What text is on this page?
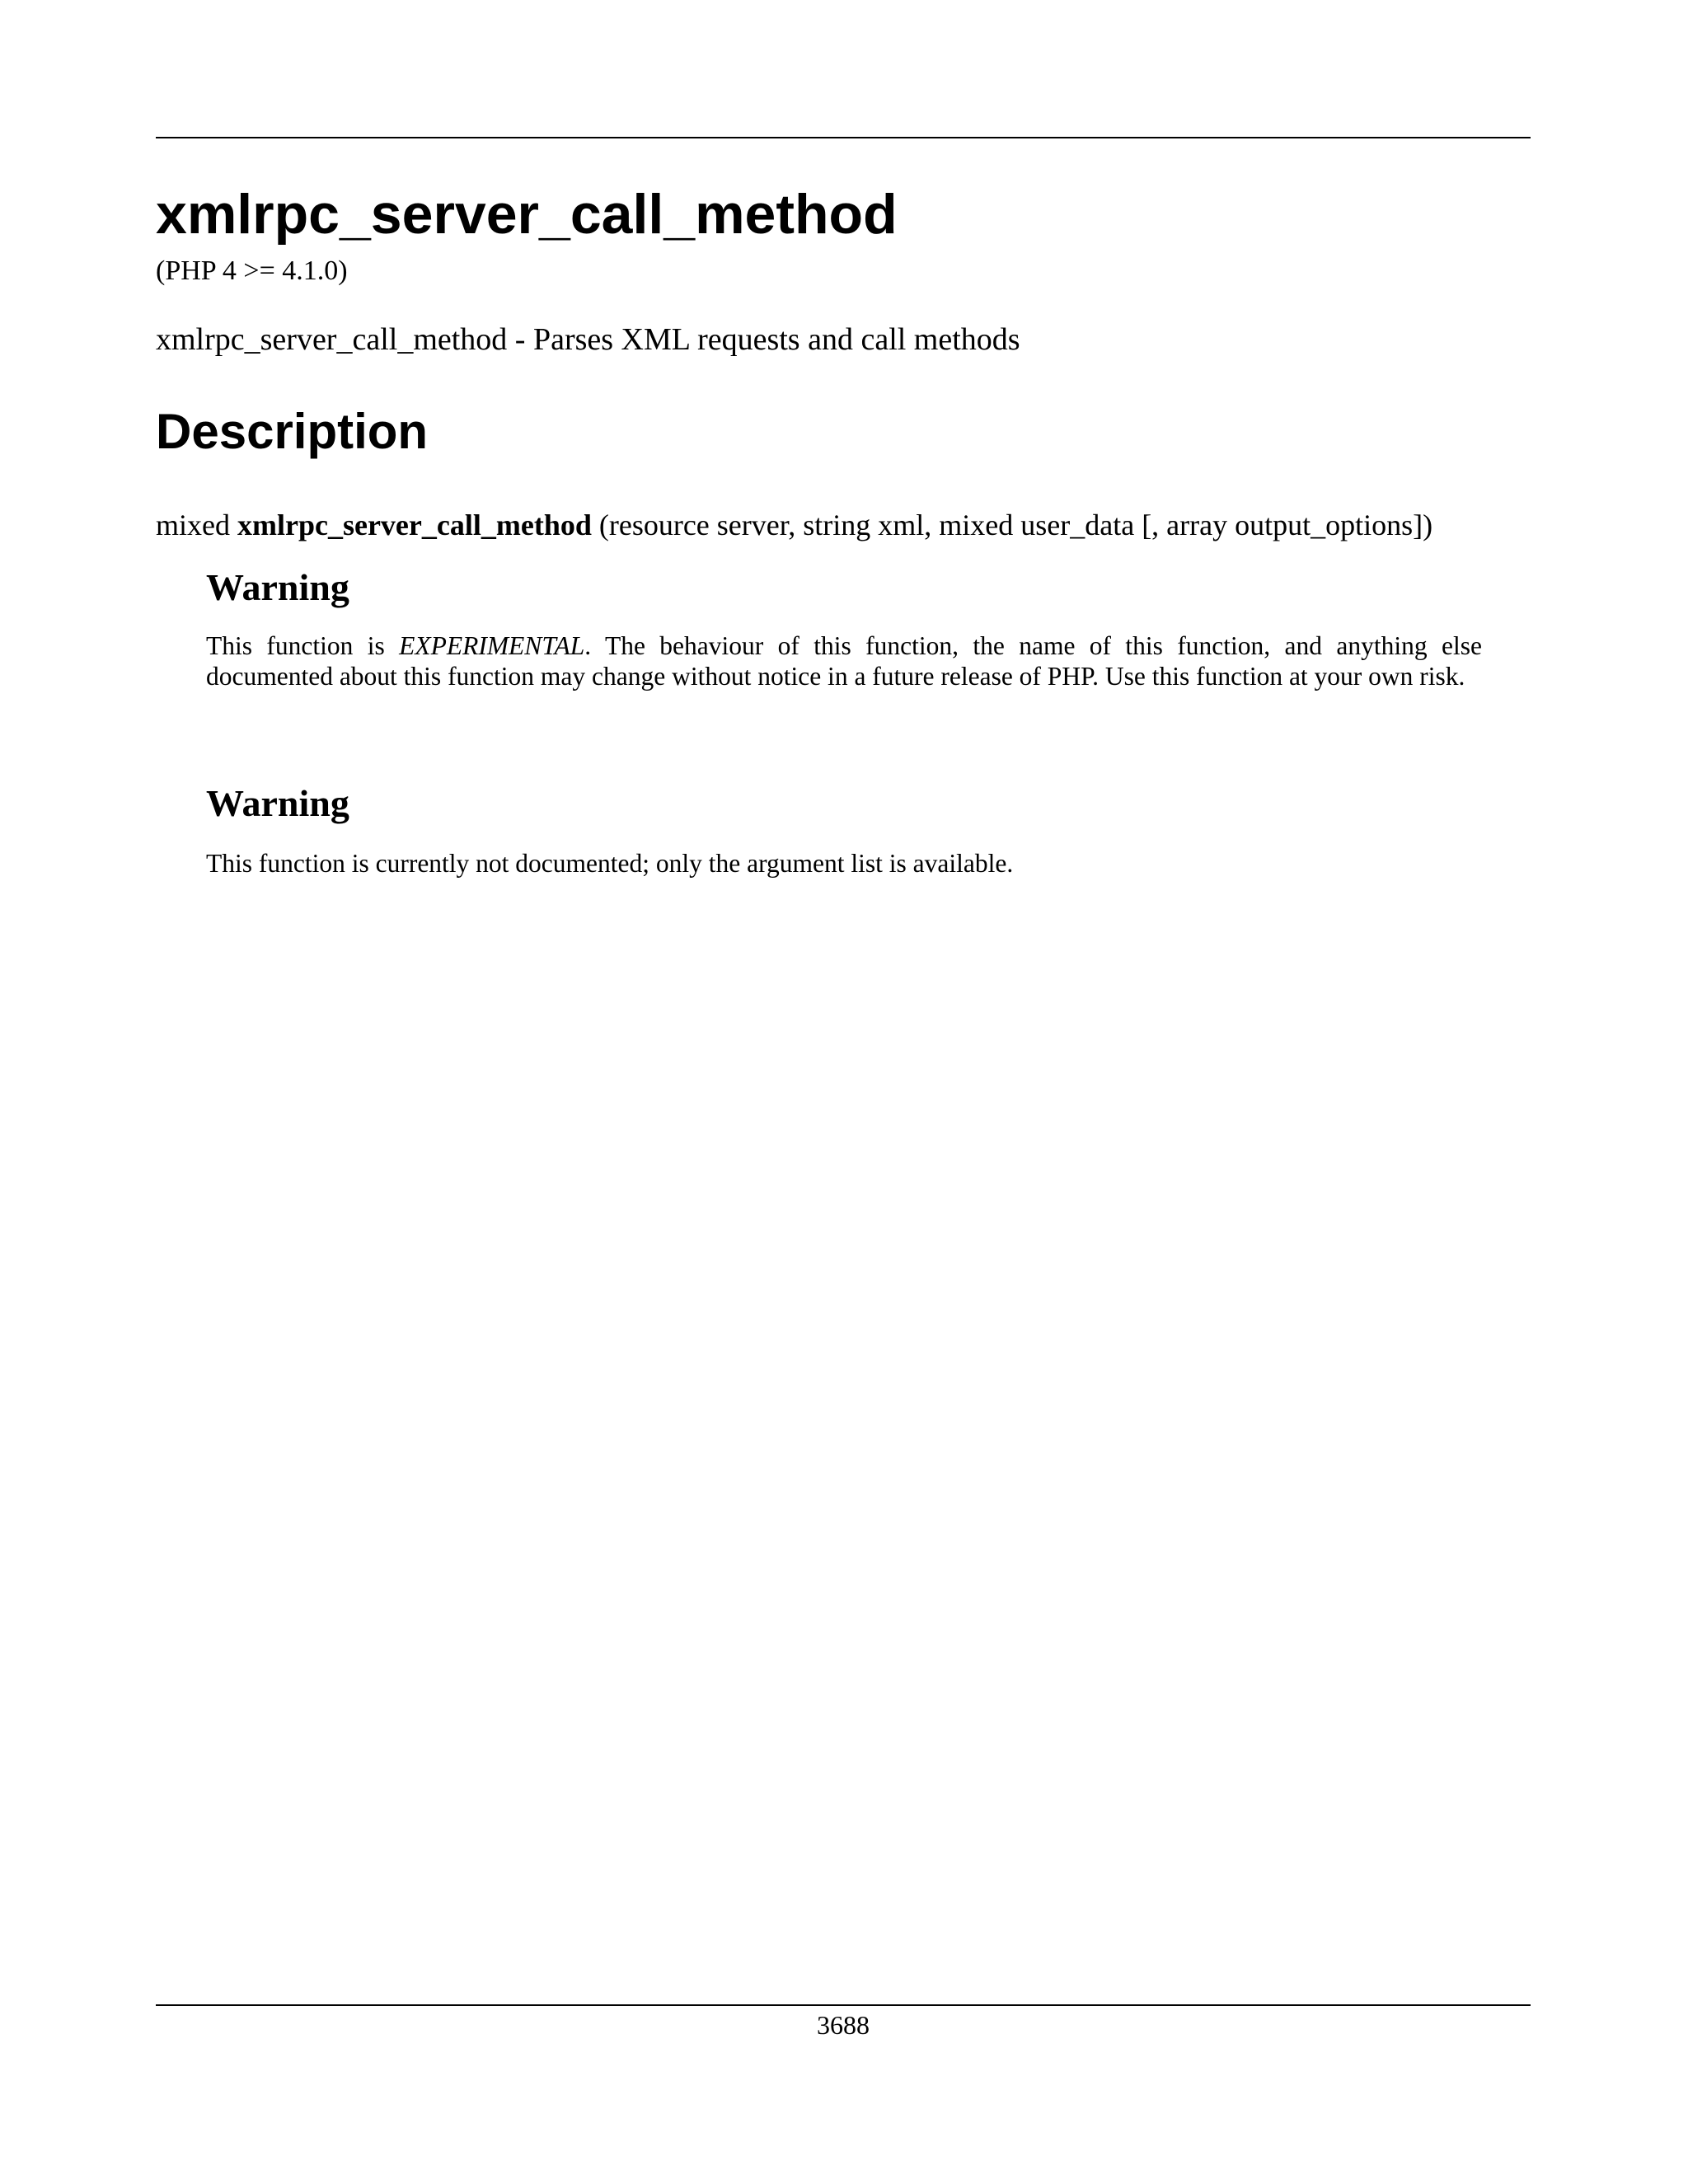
xmlrpc_server_call_method
(PHP 4 >= 4.1.0)
xmlrpc_server_call_method - Parses XML requests and call methods
Description
mixed xmlrpc_server_call_method (resource server, string xml, mixed user_data [, array output_options])
Warning

This function is EXPERIMENTAL. The behaviour of this function, the name of this function, and anything else documented about this function may change without notice in a future release of PHP. Use this function at your own risk.

Warning

This function is currently not documented; only the argument list is available.

3688
